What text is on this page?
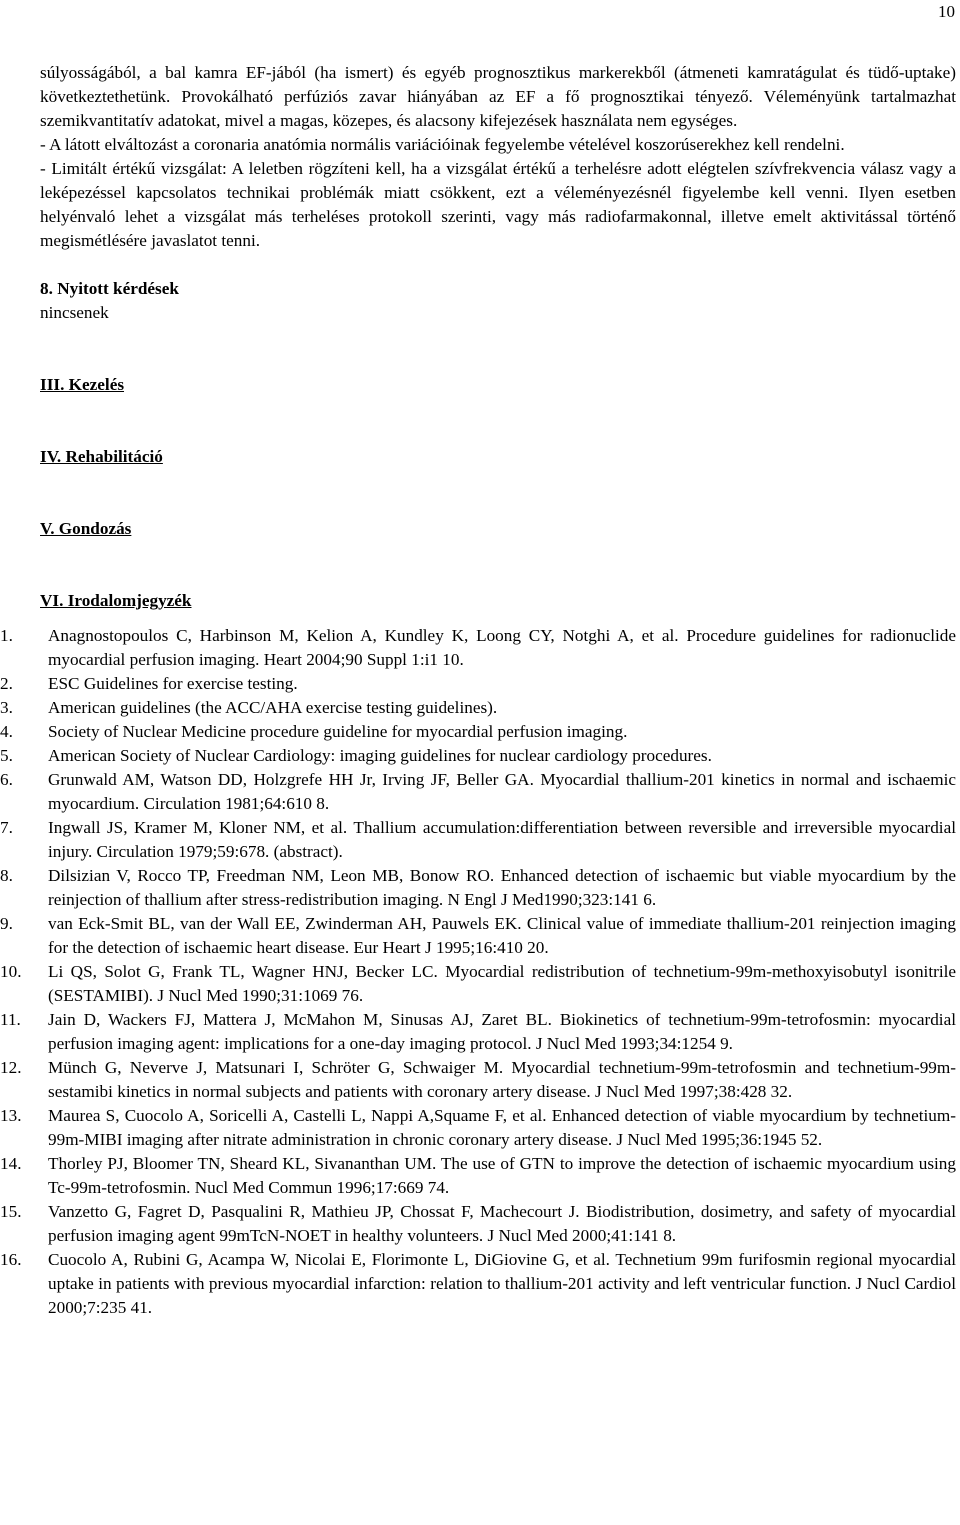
10

súlyosságából, a bal kamra EF-jából (ha ismert) és egyéb prognosztikus markerekből (átmeneti kamratágulat és tüdő-uptake) következtethetünk. Provokálható perfúziós zavar hiányában az EF a fő prognosztikai tényező. Véleményünk tartalmazhat szemikvantitatív adatokat, mivel a magas, közepes, és alacsony kifejezések használata nem egységes.

- A látott elváltozást a coronaria anatómia normális variációinak fegyelembe vételével koszorúserekhez kell rendelni.

- Limitált értékű vizsgálat: A leletben rögzíteni kell, ha a vizsgálat értékű a terhelésre adott elégtelen szívfrekvencia válasz vagy a leképezéssel kapcsolatos technikai problémák miatt csökkent, ezt a véleményezésnél figyelembe kell venni. Ilyen esetben helyénvaló lehet a vizsgálat más terheléses protokoll szerinti, vagy más radiofarmakonnal, illetve emelt aktivitással történő megismétlésére javaslatot tenni.

8. Nyitott kérdések
nincsenek
III. Kezelés
IV. Rehabilitáció
V. Gondozás
VI. Irodalomjegyzék
1.	Anagnostopoulos C, Harbinson M, Kelion A, Kundley K, Loong CY, Notghi A, et al. Procedure guidelines for radionuclide myocardial perfusion imaging. Heart 2004;90 Suppl 1:i1 10.
2.	ESC Guidelines for exercise testing.
3.	American guidelines (the ACC/AHA exercise testing guidelines).
4.	Society of Nuclear Medicine procedure guideline for myocardial perfusion imaging.
5.	American Society of Nuclear Cardiology: imaging guidelines for nuclear cardiology procedures.
6.	Grunwald AM, Watson DD, Holzgrefe HH Jr, Irving JF, Beller GA. Myocardial thallium-201 kinetics in normal and ischaemic myocardium. Circulation 1981;64:610 8.
7.	Ingwall JS, Kramer M, Kloner NM, et al. Thallium accumulation:differentiation between reversible and irreversible myocardial injury. Circulation 1979;59:678. (abstract).
8.	Dilsizian V, Rocco TP, Freedman NM, Leon MB, Bonow RO. Enhanced detection of ischaemic but viable myocardium by the reinjection of thallium after stress-redistribution imaging. N Engl J Med1990;323:141 6.
9.	van Eck-Smit BL, van der Wall EE, Zwinderman AH, Pauwels EK. Clinical value of immediate thallium-201 reinjection imaging for the detection of ischaemic heart disease. Eur Heart J 1995;16:410 20.
10.	Li QS, Solot G, Frank TL, Wagner HNJ, Becker LC. Myocardial redistribution of technetium-99m-methoxyisobutyl isonitrile (SESTAMIBI). J Nucl Med 1990;31:1069 76.
11.	Jain D, Wackers FJ, Mattera J, McMahon M, Sinusas AJ, Zaret BL. Biokinetics of technetium-99m-tetrofosmin: myocardial perfusion imaging agent: implications for a one-day imaging protocol. J Nucl Med 1993;34:1254 9.
12.	Münch G, Neverve J, Matsunari I, Schröter G, Schwaiger M. Myocardial technetium-99m-tetrofosmin and technetium-99m-sestamibi kinetics in normal subjects and patients with coronary artery disease. J Nucl Med 1997;38:428 32.
13.	Maurea S, Cuocolo A, Soricelli A, Castelli L, Nappi A,Squame F, et al. Enhanced detection of viable myocardium by technetium-99m-MIBI imaging after nitrate administration in chronic coronary artery disease. J Nucl Med 1995;36:1945 52.
14.	Thorley PJ, Bloomer TN, Sheard KL, Sivananthan UM. The use of GTN to improve the detection of ischaemic myocardium using Tc-99m-tetrofosmin. Nucl Med Commun 1996;17:669 74.
15.	Vanzetto G, Fagret D, Pasqualini R, Mathieu JP, Chossat F, Machecourt J. Biodistribution, dosimetry, and safety of myocardial perfusion imaging agent 99mTcN-NOET in healthy volunteers. J Nucl Med 2000;41:141 8.
16.	Cuocolo A, Rubini G, Acampa W, Nicolai E, Florimonte L, DiGiovine G, et al. Technetium 99m furifosmin regional myocardial uptake in patients with previous myocardial infarction: relation to thallium-201 activity and left ventricular function. J Nucl Cardiol 2000;7:235 41.
